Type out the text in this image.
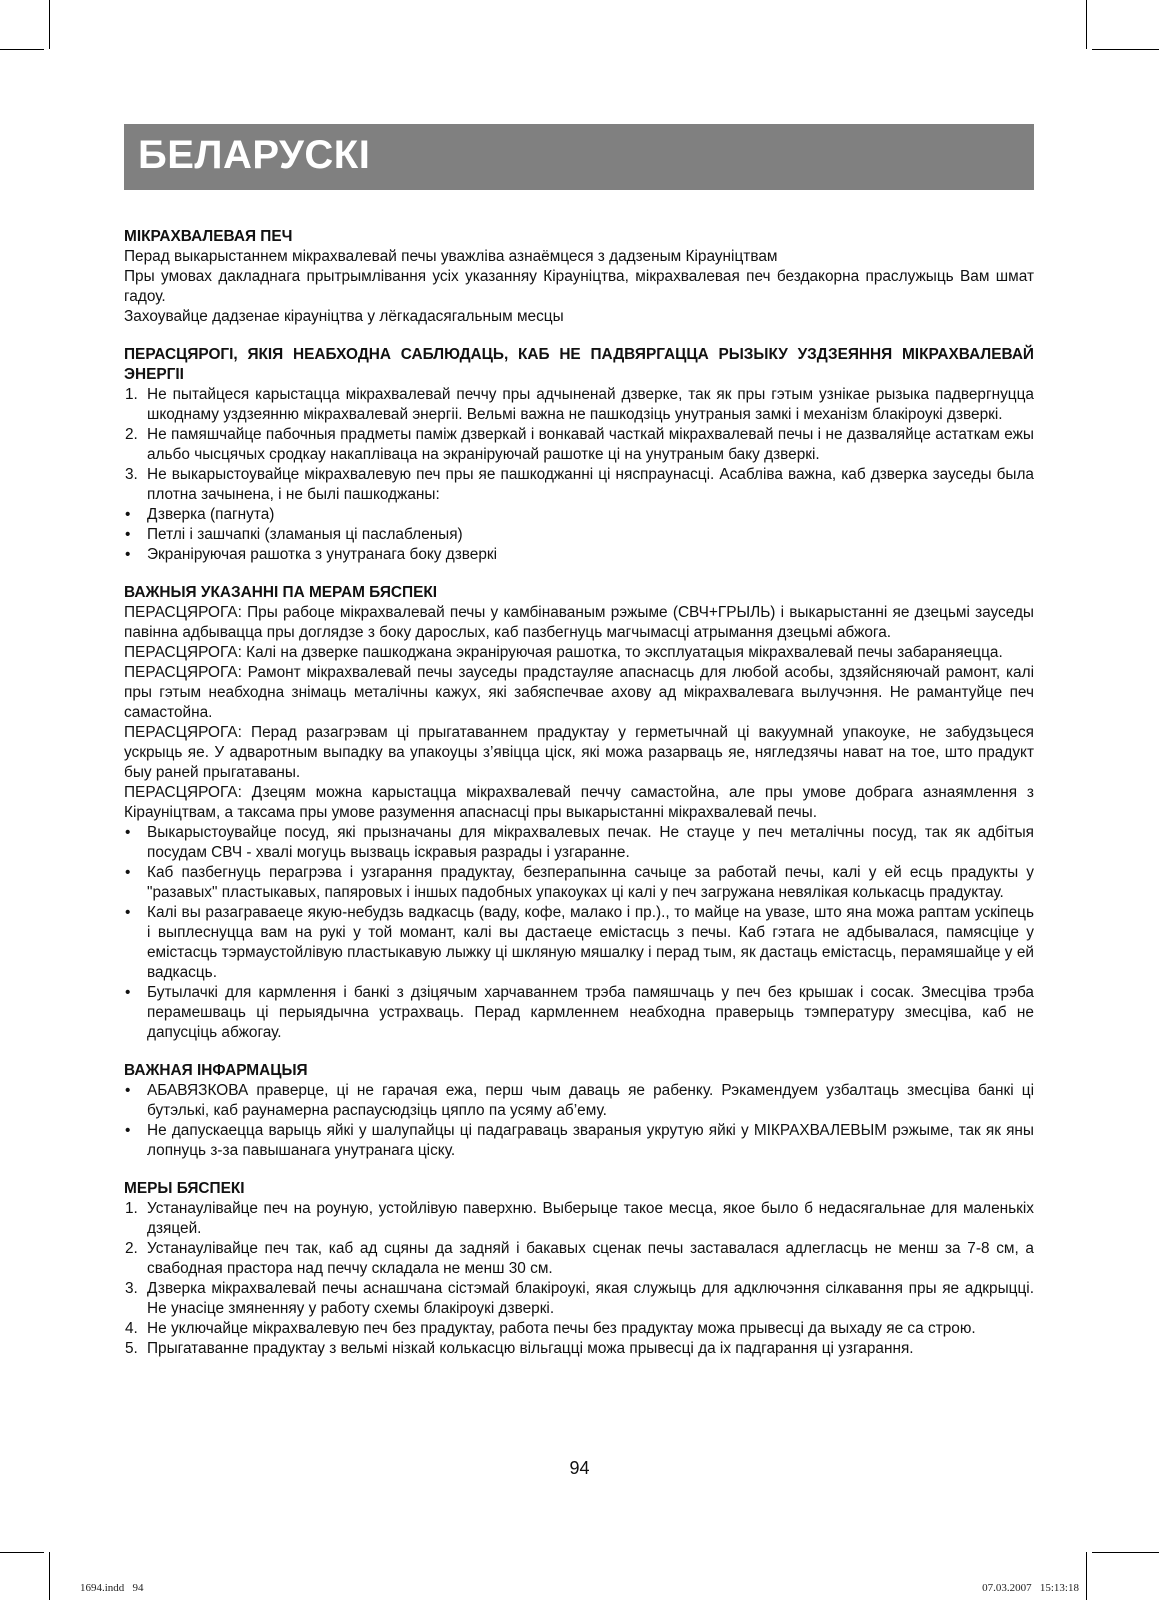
БЕЛАРУСКІ

МІКРАХВАЛЕВАЯ ПЕЧ

Перад выкарыстаннем мікрахвалевай печы уважліва азнаёмцеся з дадзеным Кірауніцтвам

Пры умовах дакладнага прытрымлівання усіх указанняу Кірауніцтва, мікрахвалевая печ бездакорна праслужыць Вам шмат гадоу.

Захоувайце дадзенае кірауніцтва у лёгкадасягальным месцы

ПЕРАСЦЯРОГІ, ЯКІЯ НЕАБХОДНА САБЛЮДАЦЬ, КАБ НЕ ПАДВЯРГАЦЦА РЫЗЫКУ УЗДЗЕЯННЯ МІКРАХВАЛЕВАЙ ЭНЕРГІІ

1. Не пытайцеся карыстацца мікрахвалевай печчу пры адчыненай дзверке, так як пры гэтым узнікае рызыка падвергнуцца шкоднаму уздзеянню мікрахвалевай энергіі. Вельмі важна не пашкодзіць унутраныя замкі і механізм блакіроукі дзверкі.
2. Не памяшчайце пабочныя прадметы паміж дзверкай і вонкавай часткай мікрахвалевай печы і не дазваляйце астаткам ежы альбо чысцячых сродкау накапліваца на экраніруючай рашотке ці на унутраным баку дзверкі.
3. Не выкарыстоувайце мікрахвалевую печ пры яе пашкоджанні ці няспраунасці. Асабліва важна, каб дзверка зауседы была плотна зачынена, і не былі пашкоджаны:
• Дзверка (пагнута)
• Петлі і зашчапкі (зламаныя ці паслабленыя)
• Экраніруючая рашотка з унутранага боку дзверкі

ВАЖНЫЯ УКАЗАННІ ПА МЕРАМ БЯСПЕКІ

ПЕРАСЦЯРОГА: Пры рабоце мікрахвалевай печы у камбінаваным рэжыме (СВЧ+ГРЫЛЬ) і выкарыстанні яе дзецьмі зауседы павінна адбывацца пры доглядзе з боку дарослых, каб пазбегнуць магчымасці атрымання дзецьмі абжога.

ПЕРАСЦЯРОГА: Калі на дзверке пашкоджана экраніруючая рашотка, то эксплуатацыя мікрахвалевай печы забараняецца.

ПЕРАСЦЯРОГА: Рамонт мікрахвалевай печы зауседы прадстауляе апаснасць для любой асобы, здзяйсняючай рамонт, калі пры гэтым неабходна знімаць металічны кажух, які забяспечвае ахову ад мікрахвалевага вылучэння. Не рамантуйце печ самастойна.

ПЕРАСЦЯРОГА: Перад разагрэвам ці прыгатаваннем прадуктау у герметычнай ці вакуумнай упакоуке, не забудзьцеся ускрыць яе. У адваротным выпадку ва упакоуцы з’явіцца ціск, які можа разарваць яе, нягледзячы нават на тое, што прадукт быу раней прыгатаваны.

ПЕРАСЦЯРОГА: Дзецям можна карыстацца мікрахвалевай печчу самастойна, але пры умове добрага азнаямлення з Кірауніцтвам, а таксама пры умове разумення апаснасці пры выкарыстанні мікрахвалевай печы.

• Выкарыстоувайце посуд, які прызначаны для мікрахвалевых печак. Не стауце у печ металічны посуд, так як адбітыя посудам СВЧ - хвалі могуць вызваць іскравыя разрады і узгаранне.
• Каб пазбегнуць перагрэва і узгарання прадуктау, безперапынна сачыце за работай печы, калі у ей есць прадукты у "разавых" пластыкавых, папяровых і іншых падобных упакоуках ці калі у печ загружана невялікая колькасць прадуктау.
• Калі вы разаграваеце якую-небудзь вадкасць (ваду, кофе, малако і пр.)., то майце на увазе, што яна можа раптам ускіпець і выплеснуцца вам на рукі у той момант, калі вы дастаеце емістасць з печы. Каб гэтага не адбывалася, памясціце у емістасць тэрмаустойлівую пластыкавую лыжку ці шкляную мяшалку і перад тым, як дастаць емістасць, перамяшайце у ей вадкасць.
• Бутылачкі для кармлення і банкі з дзіцячым харчаваннем трэба памяшчаць у печ без крышак і сосак. Змесціва трэба перамешваць ці перыядычна устрахваць. Перад кармленнем неабходна праверыць тэмпературу змесціва, каб не дапусціць абжогау.

ВАЖНАЯ ІНФАРМАЦЫЯ

• АБАВЯЗКОВА праверце, ці не гарачая ежа, перш чым даваць яе рабенку. Рэкамендуем узбалтаць змесціва банкі ці бутэлькі, каб раунамерна распаусюдзіць цяпло па усяму аб’ему.
• Не дапускаецца варыць яйкі у шалупайцы ці падаграваць звараныя укрутую яйкі у МІКРАХВАЛЕВЫМ рэжыме, так як яны лопнуць з-за павышанага унутранага ціску.

МЕРЫ БЯСПЕКІ

1. Устанаулівайце печ на роуную, устойлівую паверхню. Выберыце такое месца, якое было б недасягальнае для маленькіх дзяцей.
2. Устанаулівайце печ так, каб ад сцяны да задняй і бакавых сценак печы заставалася адлегласць не менш за 7-8 см, а свабодная прастора над печчу складала не менш 30 см.
3. Дзверка мікрахвалевай печы аснашчана сістэмай блакіроукі, якая служыць для адключэння сілкавання пры яе адкрыцці. Не унасіце змяненняу у работу схемы блакіроукі дзверкі.
4. Не уключайце мікрахвалевую печ без прадуктау, работа печы без прадуктау можа прывесці да выхаду яе са строю.
5. Прыгатаванне прадуктау з вельмі нізкай колькасцю вільгацці можа прывесці да іх падгарання ці узгарання.
94
1694.indd   94	07.03.2007   15:13:18
